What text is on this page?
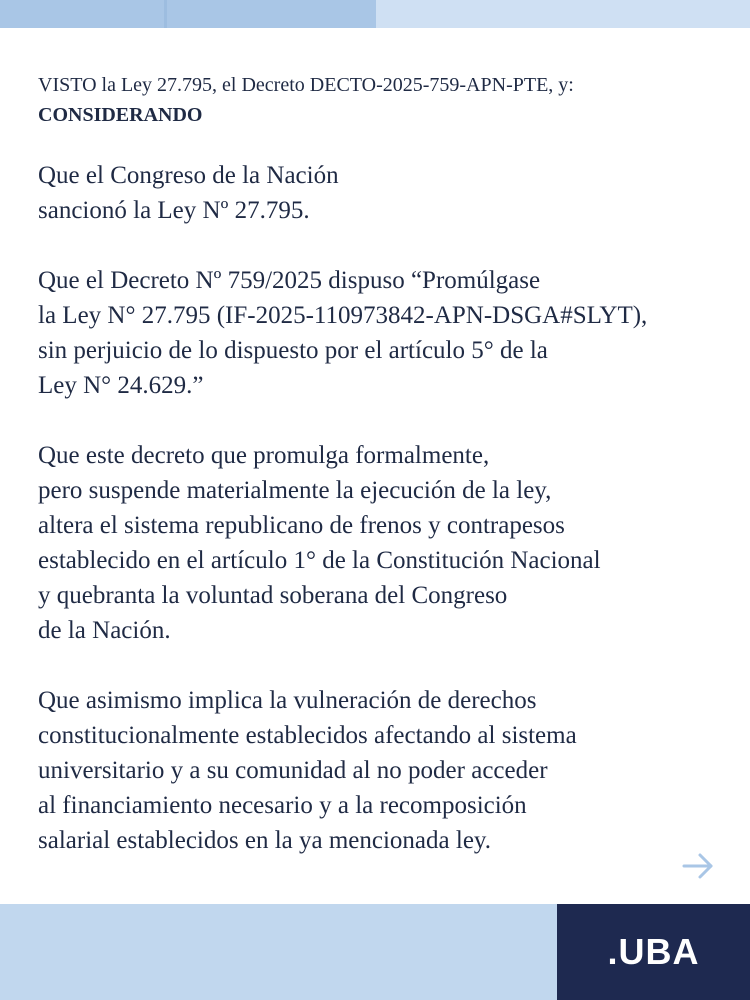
VISTO la Ley 27.795, el Decreto DECTO-2025-759-APN-PTE, y:
CONSIDERANDO

Que el Congreso de la Nación
sancionó la Ley Nº 27.795.

Que el Decreto Nº 759/2025 dispuso “Promúlgase
la Ley N° 27.795 (IF-2025-110973842-APN-DSGA#SLYT),
sin perjuicio de lo dispuesto por el artículo 5° de la
Ley N° 24.629.”

Que este decreto que promulga formalmente,
pero suspende materialmente la ejecución de la ley,
altera el sistema republicano de frenos y contrapesos
establecido en el artículo 1° de la Constitución Nacional
y quebranta la voluntad soberana del Congreso
de la Nación.

Que asimismo implica la vulneración de derechos
constitucionalmente establecidos afectando al sistema
universitario y a su comunidad al no poder acceder
al financiamiento necesario y a la recomposición
salarial establecidos en la ya mencionada ley.

.UBA
